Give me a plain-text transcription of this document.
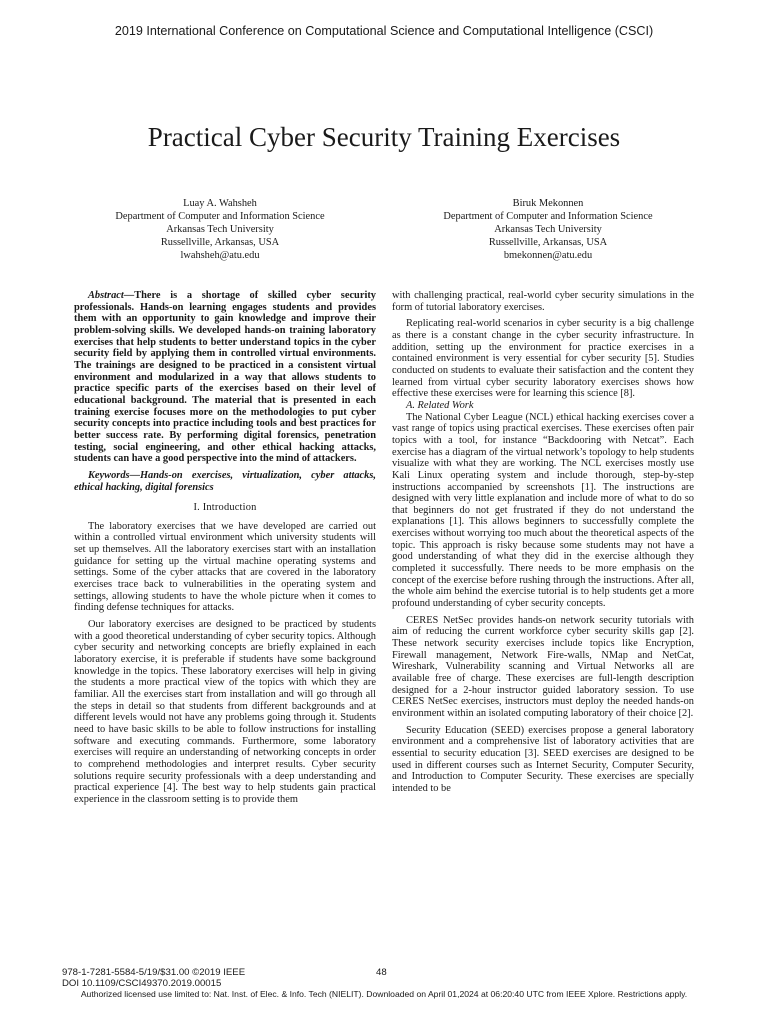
2019 International Conference on Computational Science and Computational Intelligence (CSCI)
Practical Cyber Security Training Exercises
Luay A. Wahsheh
Department of Computer and Information Science
Arkansas Tech University
Russellville, Arkansas, USA
lwahsheh@atu.edu
Biruk Mekonnen
Department of Computer and Information Science
Arkansas Tech University
Russellville, Arkansas, USA
bmekonnen@atu.edu

Abstract—There is a shortage of skilled cyber security professionals. Hands-on learning engages students and provides them with an opportunity to gain knowledge and improve their problem-solving skills. We developed hands-on training laboratory exercises that help students to better understand topics in the cyber security field by applying them in controlled virtual environments. The trainings are designed to be practiced in a consistent virtual environment and modularized in a way that allows students to practice specific parts of the exercises based on their level of educational background. The material that is presented in each training exercise focuses more on the methodologies to put cyber security concepts into practice including tools and best practices for better success rate. By performing digital forensics, penetration testing, social engineering, and other ethical hacking attacks, students can have a good perspective into the mind of attackers.

Keywords—Hands-on exercises, virtualization, cyber attacks, ethical hacking, digital forensics

I. Introduction

The laboratory exercises that we have developed are carried out within a controlled virtual environment which university students will set up themselves. All the laboratory exercises start with an installation guidance for setting up the virtual machine operating systems and settings. Some of the cyber attacks that are covered in the laboratory exercises trace back to vulnerabilities in the operating system and settings, allowing students to have the whole picture when it comes to finding defense techniques for attacks.

Our laboratory exercises are designed to be practiced by students with a good theoretical understanding of cyber security topics. Although cyber security and networking concepts are briefly explained in each laboratory exercise, it is preferable if students have some background knowledge in the topics. These laboratory exercises will help in giving the students a more practical view of the topics with which they are familiar. All the exercises start from installation and will go through all the steps in detail so that students from different backgrounds and at different levels would not have any problems going through it. Students need to have basic skills to be able to follow instructions for installing software and executing commands. Furthermore, some laboratory exercises will require an understanding of networking concepts in order to comprehend methodologies and interpret results. Cyber security solutions require security professionals with a deep understanding and practical experience [4]. The best way to help students gain practical experience in the classroom setting is to provide them

with challenging practical, real-world cyber security simulations in the form of tutorial laboratory exercises.

Replicating real-world scenarios in cyber security is a big challenge as there is a constant change in the cyber security infrastructure. In addition, setting up the environment for practice exercises in a contained environment is very essential for cyber security [5]. Studies conducted on students to evaluate their satisfaction and the content they learned from virtual cyber security laboratory exercises shows how effective these exercises were for learning this science [8].

A. Related Work

The National Cyber League (NCL) ethical hacking exercises cover a vast range of topics using practical exercises. These exercises often pair topics with a tool, for instance “Backdooring with Netcat”. Each exercise has a diagram of the virtual network’s topology to help students visualize with what they are working. The NCL exercises mostly use Kali Linux operating system and include thorough, step-by-step instructions accompanied by screenshots [1]. The instructions are designed with very little explanation and include more of what to do so that beginners do not get frustrated if they do not understand the explanations [1]. This allows beginners to successfully complete the exercises without worrying too much about the theoretical aspects of the topic. This approach is risky because some students may not have a good understanding of what they did in the exercise although they completed it successfully. There needs to be more emphasis on the concept of the exercise before rushing through the instructions. After all, the whole aim behind the exercise tutorial is to help students get a more profound understanding of cyber security concepts.

CERES NetSec provides hands-on network security tutorials with aim of reducing the current workforce cyber security skills gap [2]. These network security exercises include topics like Encryption, Firewall management, Network Fire-walls, NMap and NetCat, Wireshark, Vulnerability scanning and Virtual Networks all are available free of charge. These exercises are full-length description designed for a 2-hour instructor guided laboratory session. To use CERES NetSec exercises, instructors must deploy the needed hands-on environment within an isolated computing laboratory of their choice [2].

Security Education (SEED) exercises propose a general laboratory environment and a comprehensive list of laboratory activities that are essential to security education [3]. SEED exercises are designed to be used in different courses such as Internet Security, Computer Security, and Introduction to Computer Security. These exercises are specially intended to be

978-1-7281-5584-5/19/$31.00 ©2019 IEEE
DOI 10.1109/CSCI49370.2019.00015
48
Authorized licensed use limited to: Nat. Inst. of Elec. & Info. Tech (NIELIT). Downloaded on April 01,2024 at 06:20:40 UTC from IEEE Xplore. Restrictions apply.
